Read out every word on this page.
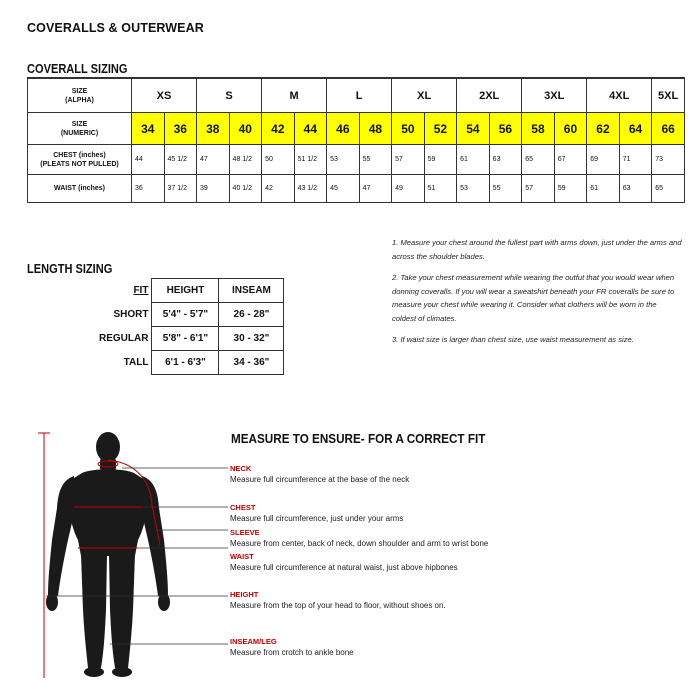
COVERALLS & OUTERWEAR
COVERALL SIZING
SIZE
(ALPHA)	XS		S		M		L		XL		2XL		3XL		4XL		5XL

SIZE
(NUMERIC)	34	36	38	40	42	44	46	48	50	52	54	56	58	60	62	64	66

CHEST (inches)
(PLEATS NOT PULLED)	44	45 1/2	47	48 1/2	50	51 1/2	53	55	57	59	61	63	65	67	69	71	73
WAIST (inches)	36	37 1/2	39	40 1/2	42	43 1/2	45	47	49	51	53	55	57	59	61	63	65
LENGTH SIZING
FIT	HEIGHT	INSEAM
SHORT	5'4" - 5'7"	26 - 28"
REGULAR	5'8" - 6'1"	30 - 32"
TALL	6'1 - 6'3"	34 - 36"

1. Measure your chest around the fullest part with arms down, just under the arms and across the shoulder blades.

2. Take your chest measurement while wearing the outfut that you would wear when donning coveralls. If you will wear a sweatshirt beneath your FR coveralls be sure to measure your chest while wearing it. Consider what clothers will be worn in the coldest of climates.

3. If waist size is larger than chest size, use waist measurement as size.

MEASURE TO ENSURE- FOR A CORRECT FIT
NECK
Measure full circumference at the base of the neck
CHEST
Measure full circumference, just under your arms
SLEEVE
Measure from center, back of neck, down shoulder and arm to wrist bone
WAIST
Measure full circumference at natural waist, just above hipbones
HEIGHT
Measure from the top of your head to floor, without shoes on.
INSEAM/LEG
Measure from crotch to ankle bone
